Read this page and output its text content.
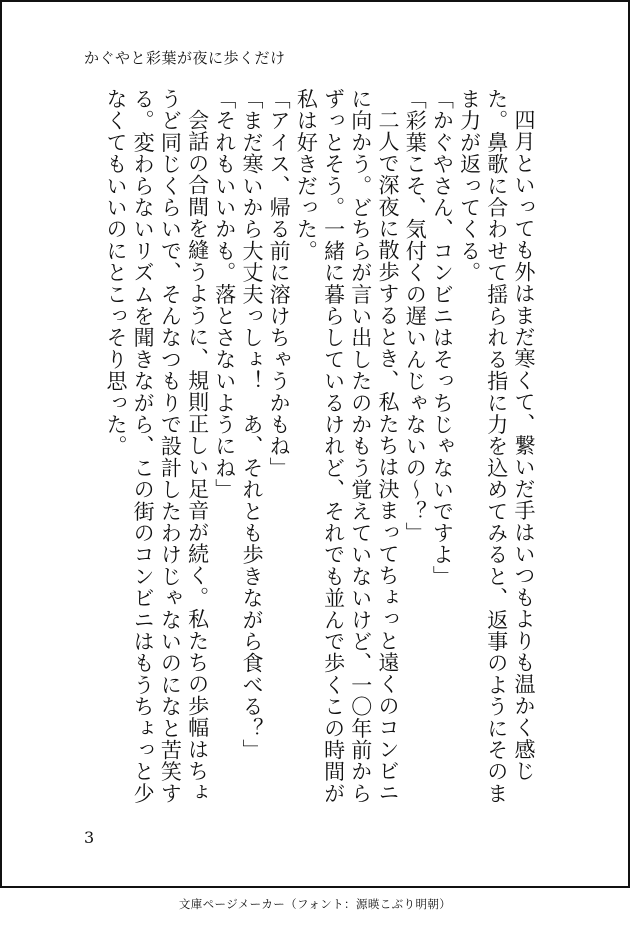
かぐやと彩葉が夜に歩くだけ

四月といっても外はまだ寒くて、繋いだ手はいつもよりも温かく感じた。鼻歌に合わせて揺られる指に力を込めてみると、返事のようにそのまま力が返ってくる。

「かぐやさん、コンビニはそっちじゃないですよ」

「彩葉こそ、気付くの遅いんじゃないの〜？」

二人で深夜に散歩するとき、私たちは決まってちょっと遠くのコンビニに向かう。どちらが言い出したのかもう覚えていないけど、一〇年前からずっとそう。一緒に暮らしているけれど、それでも並んで歩くこの時間が私は好きだった。

「アイス、帰る前に溶けちゃうかもね」

「まだ寒いから大丈夫っしょ！　あ、それとも歩きながら食べる？」

「それもいいかも。落とさないようにね」

会話の合間を縫うように、規則正しい足音が続く。私たちの歩幅はちょうど同じくらいで、そんなつもりで設計したわけじゃないのになと苦笑する。変わらないリズムを聞きながら、この街のコンビニはもうちょっと少なくてもいいのにとこっそり思った。

3
文庫ページメーカー（フォント：源暎こぶり明朝）
